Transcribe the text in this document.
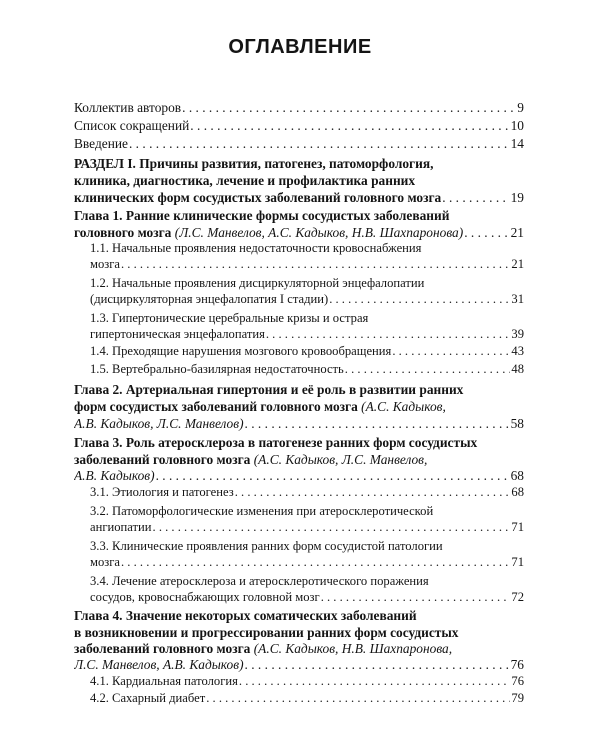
ОГЛАВЛЕНИЕ
Коллектив авторов . . .	9
Список сокращений . . .	10
Введение . . .	14
РАЗДЕЛ I. Причины развития, патогенез, патоморфология,
клиника, диагностика, лечение и профилактика ранних
клинических форм сосудистых заболеваний головного мозга . . .	19
Глава 1. Ранние клинические формы сосудистых заболеваний
головного мозга (Л.С. Манвелов, А.С. Кадыков, Н.В. Шахпаронова) . . .	21
1.1. Начальные проявления недостаточности кровоснабжения
мозга . . .	21
1.2. Начальные проявления дисциркуляторной энцефалопатии
(дисциркуляторная энцефалопатия I стадии) . . .	31
1.3. Гипертонические церебральные кризы и острая
гипертоническая энцефалопатия . . .	39
1.4. Преходящие нарушения мозгового кровообращения . . .	43
1.5. Вертебрально-базилярная недостаточность . . .	48
Глава 2. Артериальная гипертония и её роль в развитии ранних
форм сосудистых заболеваний головного мозга (А.С. Кадыков,
А.В. Кадыков, Л.С. Манвелов) . . .	58
Глава 3. Роль атеросклероза в патогенезе ранних форм сосудистых
заболеваний головного мозга (А.С. Кадыков, Л.С. Манвелов,
А.В. Кадыков) . . .	68
3.1. Этиология и патогенез . . .	68
3.2. Патоморфологические изменения при атеросклеротической
ангиопатии . . .	71
3.3. Клинические проявления ранних форм сосудистой патологии
мозга . . .	71
3.4. Лечение атеросклероза и атеросклеротического поражения
сосудов, кровоснабжающих головной мозг . . .	72
Глава 4. Значение некоторых соматических заболеваний
в возникновении и прогрессировании ранних форм сосудистых
заболеваний головного мозга (А.С. Кадыков, Н.В. Шахпаронова,
Л.С. Манвелов, А.В. Кадыков) . . .	76
4.1. Кардиальная патология . . .	76
4.2. Сахарный диабет . . .	79
